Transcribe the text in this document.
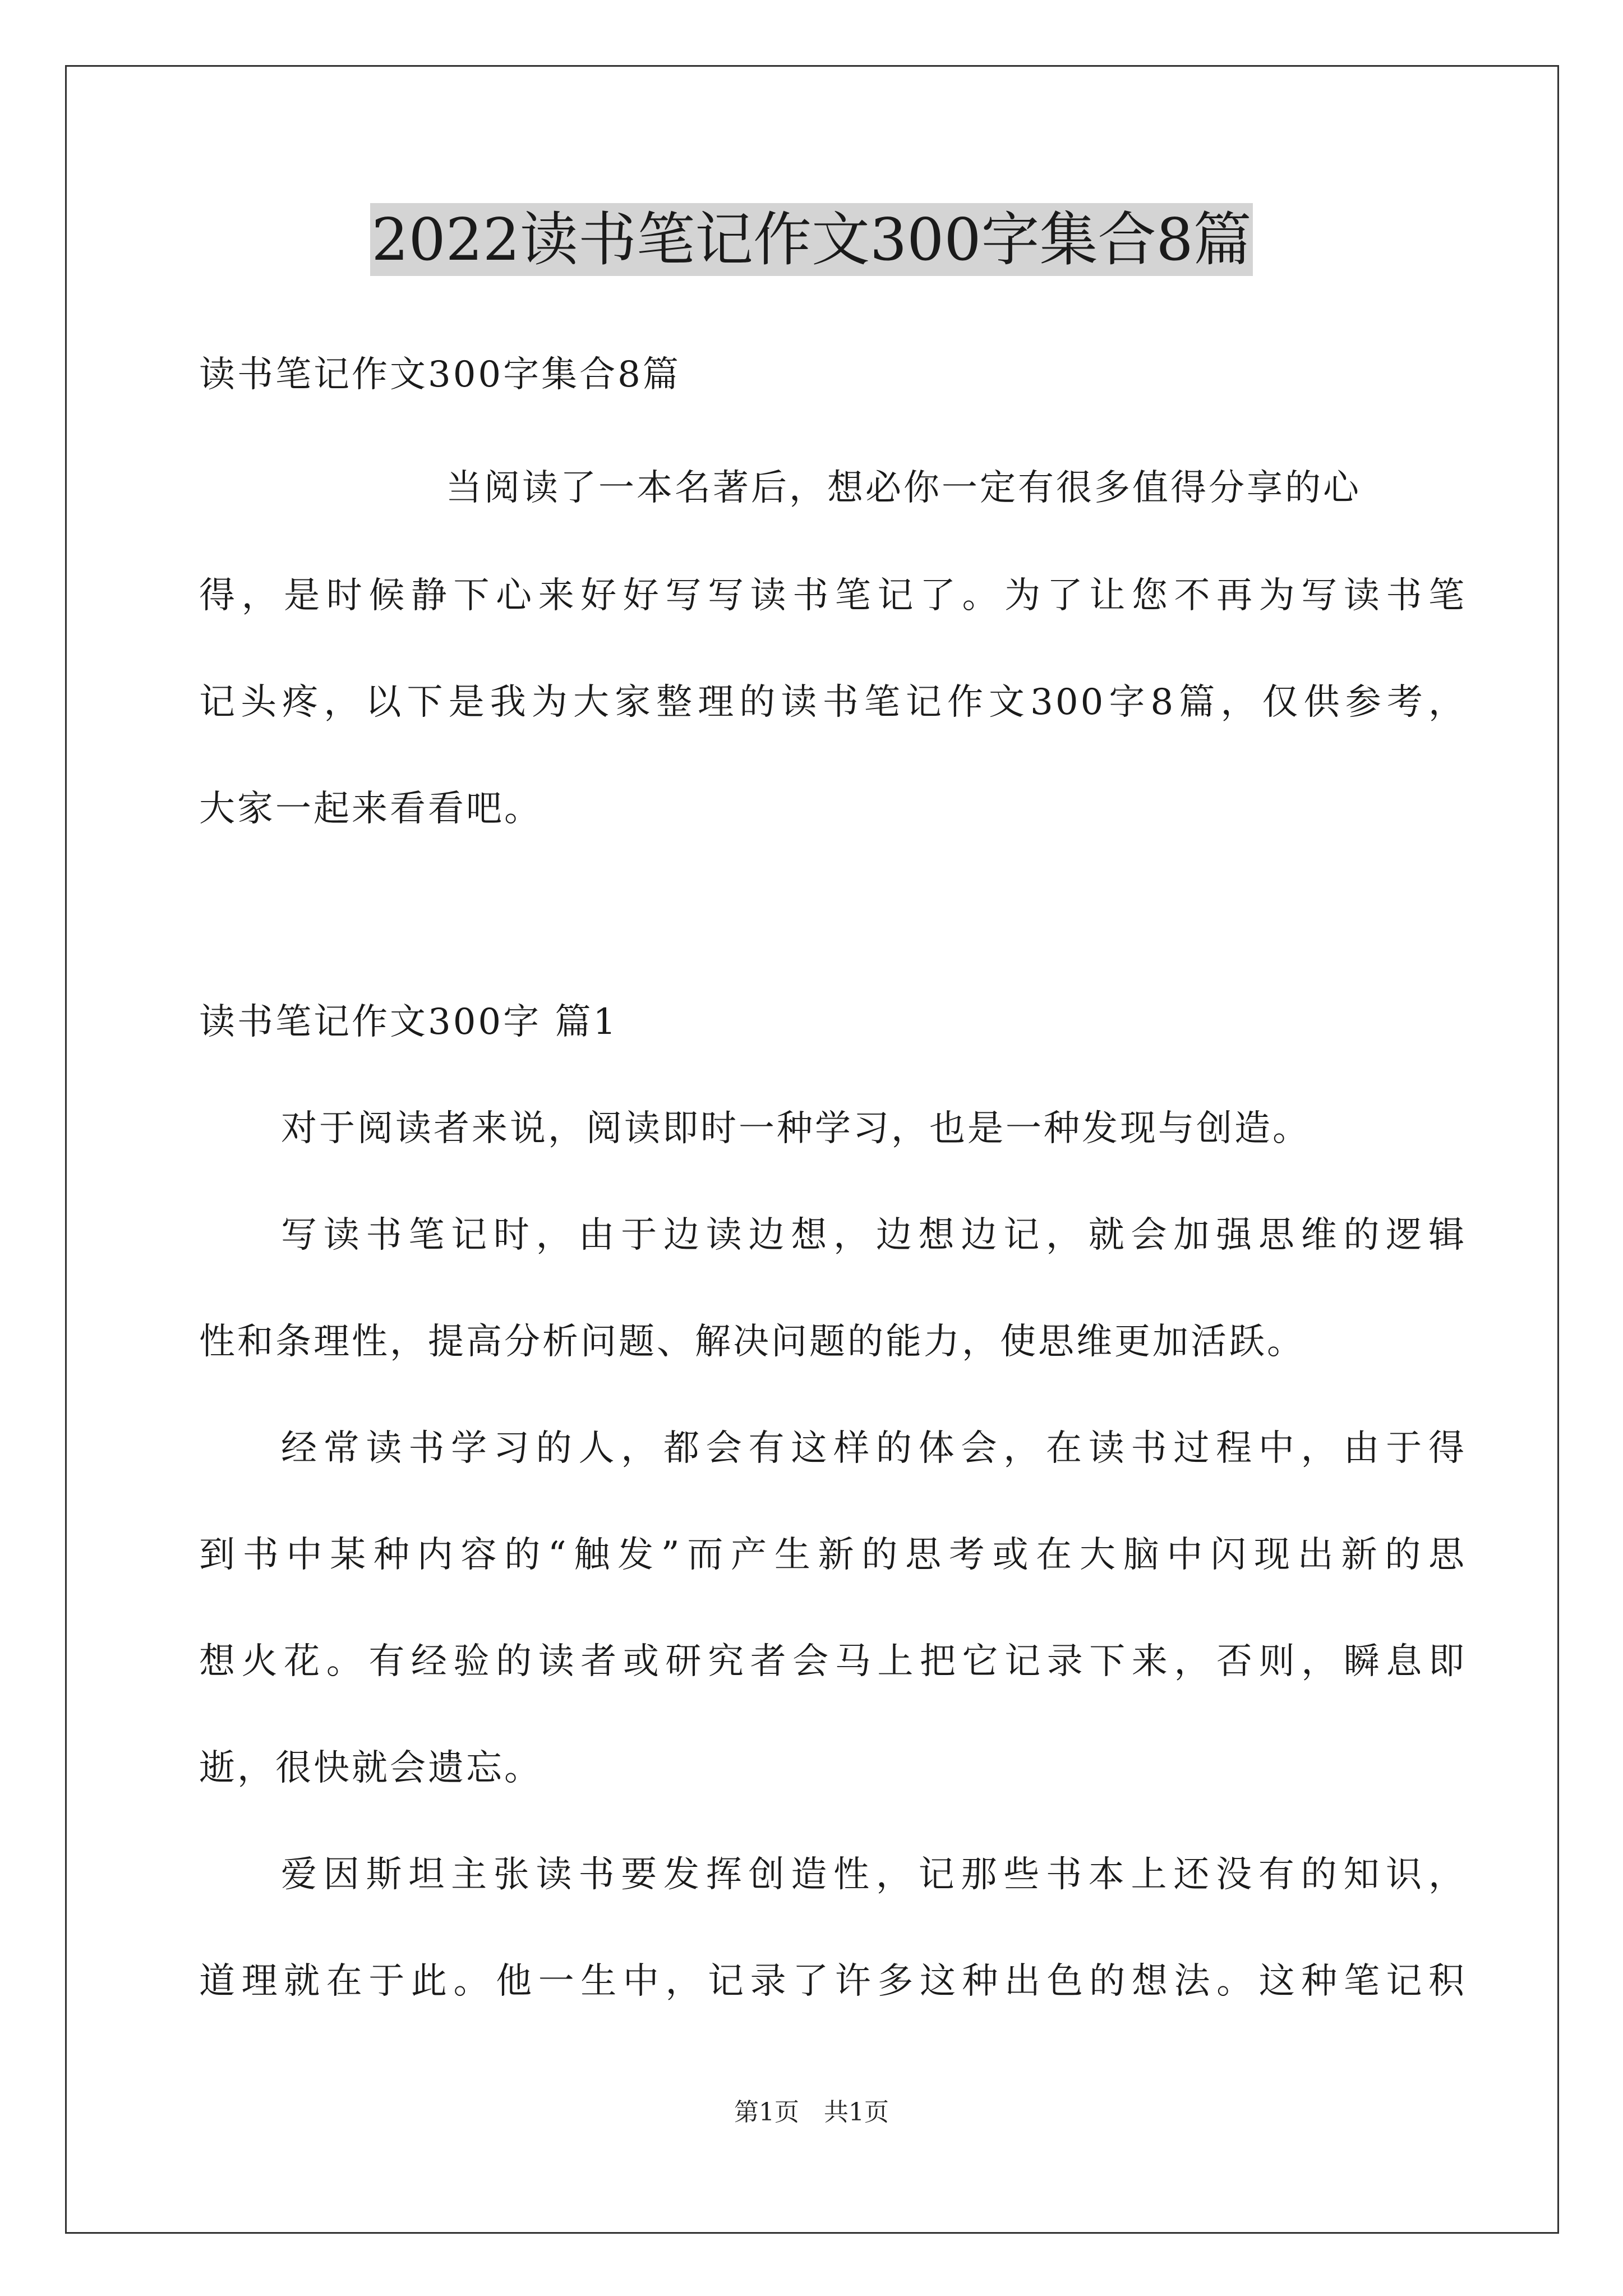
2022读书笔记作文300字集合8篇
读书笔记作文300字集合8篇
当阅读了一本名著后，想必你一定有很多值得分享的心
得，是时候静下心来好好写写读书笔记了。为了让您不再为写读书笔
记头疼，以下是我为大家整理的读书笔记作文300字8篇，仅供参考，
大家一起来看看吧。
读书笔记作文300字 篇1
对于阅读者来说，阅读即时一种学习，也是一种发现与创造。
写读书笔记时，由于边读边想，边想边记，就会加强思维的逻辑
性和条理性，提高分析问题、解决问题的能力，使思维更加活跃。
经常读书学习的人，都会有这样的体会，在读书过程中，由于得
到书中某种内容的“触发”而产生新的思考或在大脑中闪现出新的思
想火花。有经验的读者或研究者会马上把它记录下来，否则，瞬息即
逝，很快就会遗忘。
爱因斯坦主张读书要发挥创造性，记那些书本上还没有的知识，
道理就在于此。他一生中，记录了许多这种出色的想法。这种笔记积
第1页　共1页
